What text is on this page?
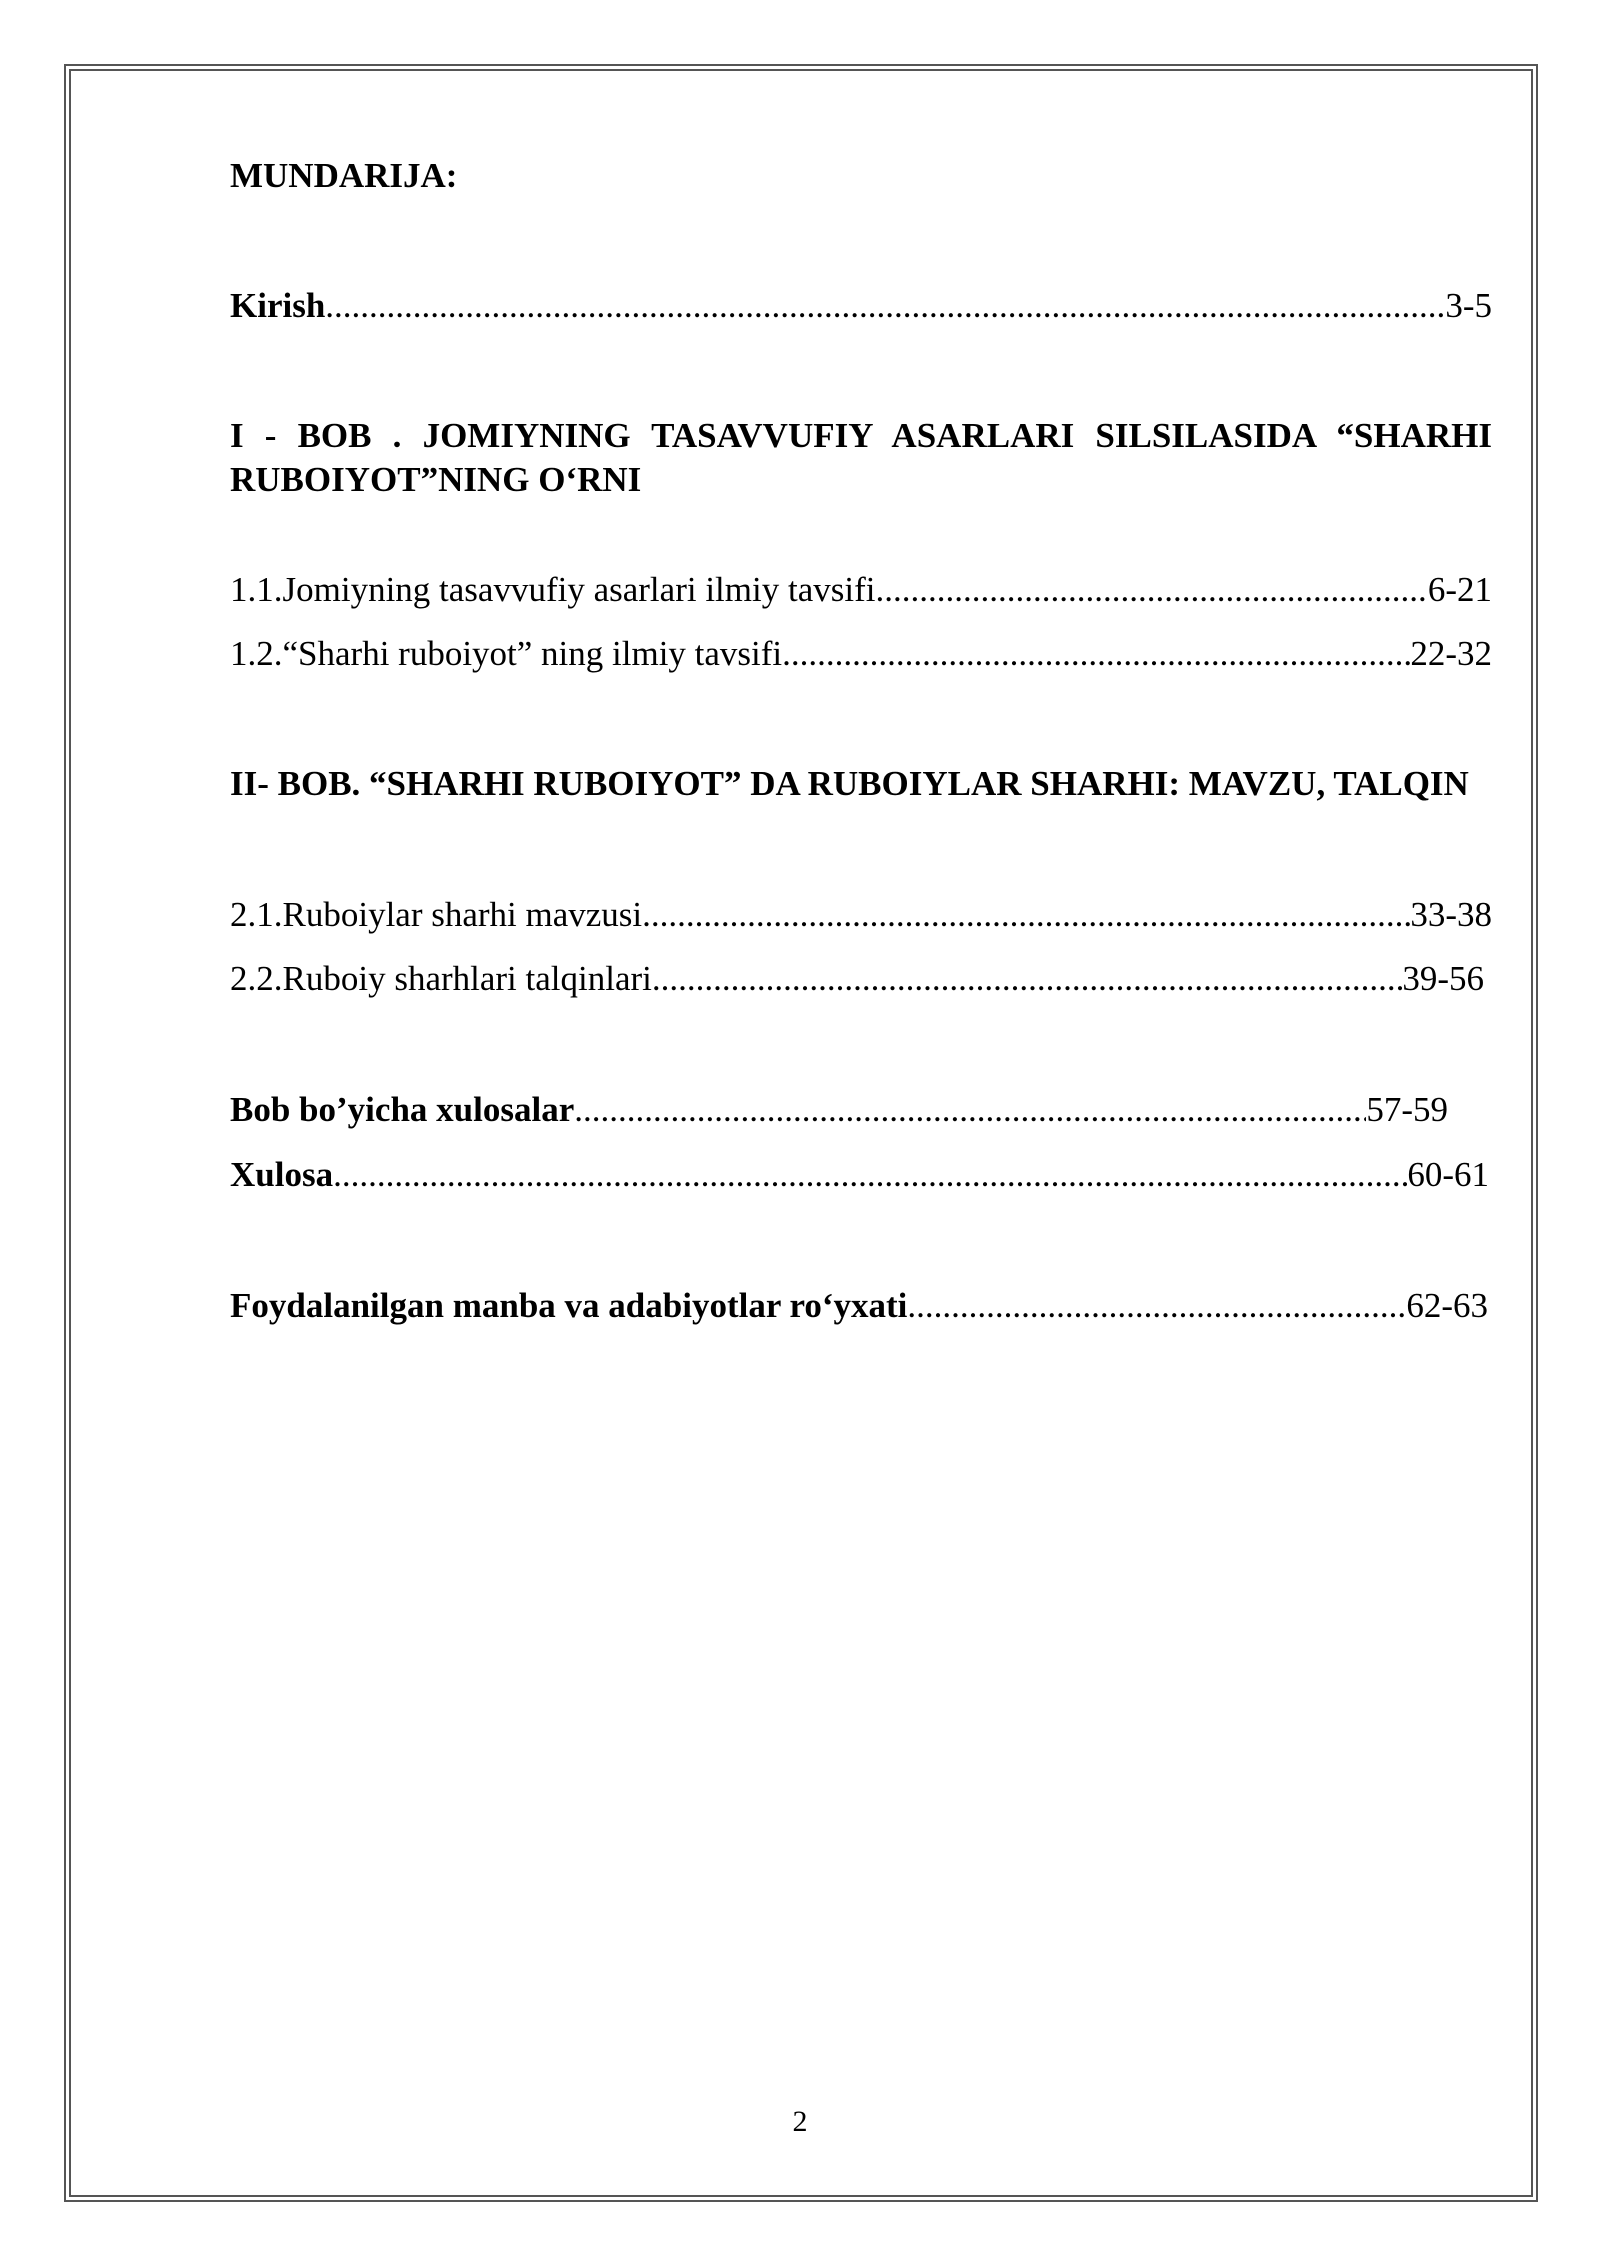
MUNDARIJA:
Kirish .....	3-5
I - BOB . JOMIYNING TASAVVUFIY ASARLARI SILSILASIDA “SHARHI RUBOIYOT”NING O‘RNI
1.1.Jomiyning tasavvufiy asarlari ilmiy tavsifi .....	6-21
1.2.“Sharhi ruboiyot” ning ilmiy tavsifi .....	22-32
II- BOB. “SHARHI RUBOIYOT” DA RUBOIYLAR SHARHI: MAVZU, TALQIN
2.1.Ruboiylar sharhi mavzusi .....	33-38
2.2.Ruboiy sharhlari talqinlari .....	39-56
Bob bo’yicha xulosalar .....	57-59
Xulosa .....	60-61
Foydalanilgan manba va adabiyotlar ro‘yxati .....	62-63
2
